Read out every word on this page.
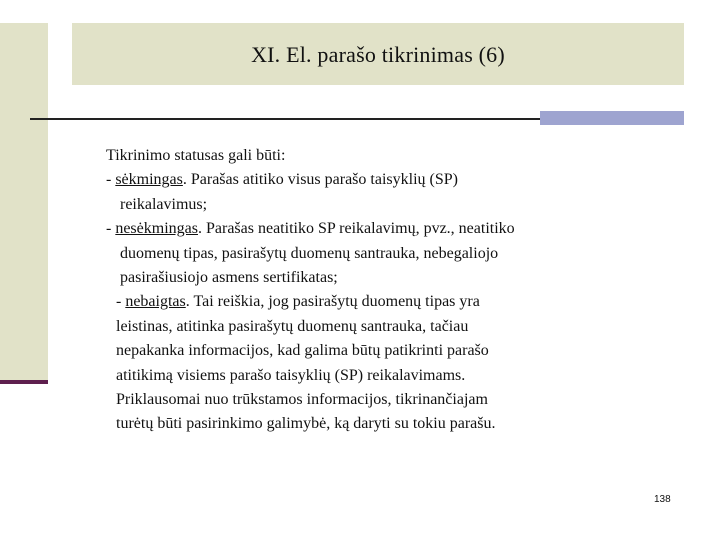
XI. El. parašo tikrinimas (6)
Tikrinimo statusas gali būti:
- sėkmingas. Parašas atitiko visus parašo taisyklių (SP)
reikalavimus;
- nesėkmingas. Parašas neatitiko SP reikalavimų, pvz., neatitiko
duomenų tipas, pasirašytų duomenų santrauka, nebegaliojo
pasirašiusiojo asmens sertifikatas;
- nebaigtas. Tai reiškia, jog pasirašytų duomenų tipas yra
leistinas, atitinka pasirašytų duomenų santrauka, tačiau
nepakanka informacijos, kad galima būtų patikrinti parašo
atitikimą visiems parašo taisyklių (SP) reikalavimams.
Priklausomai nuo trūkstamos informacijos, tikrinančiajam
turėtų būti pasirinkimo galimybė, ką daryti su tokiu parašu.
138
